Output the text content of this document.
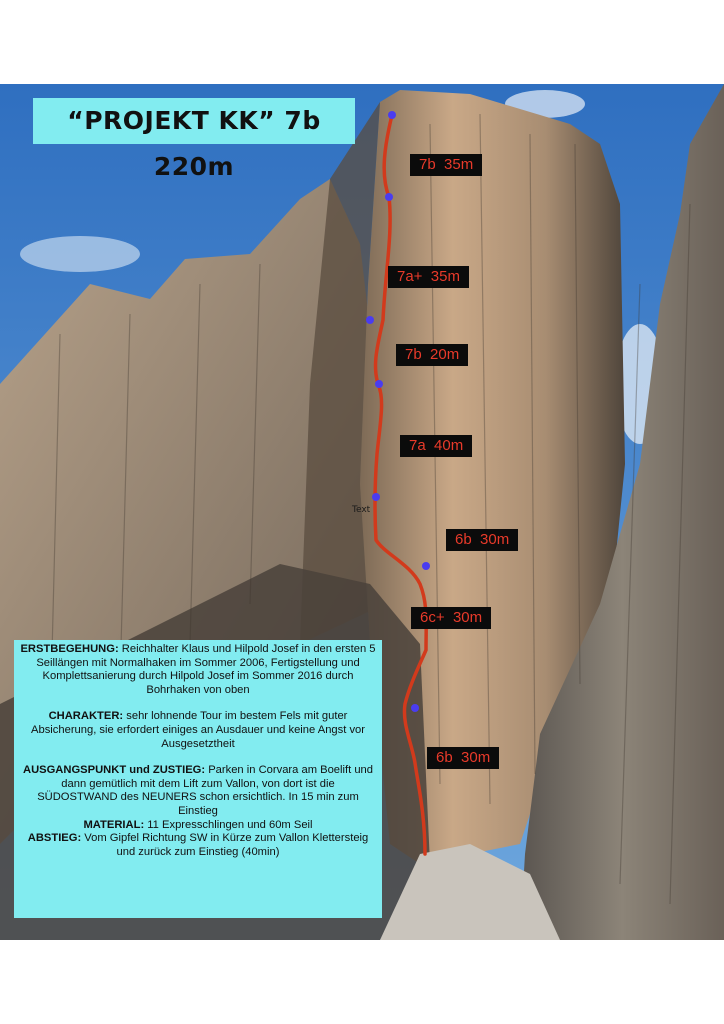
“PROJEKT KK” 7b 220m
Text
7b 35m
7a+ 35m
7b 20m
7a 40m
6b 30m
6c+ 30m
6b 30m

ERSTBEGEHUNG: Reichhalter Klaus und Hilpold Josef in den ersten 5 Seillängen mit Normalhaken im Sommer 2006, Fertigstellung und Komplettsanierung durch Hilpold Josef im Sommer 2016 durch Bohrhaken von oben

CHARAKTER: sehr lohnende Tour im bestem Fels mit guter Absicherung, sie erfordert einiges an Ausdauer und keine Angst vor Ausgesetztheit

AUSGANGSPUNKT und ZUSTIEG: Parken in Corvara am Boelift und dann gemütlich mit dem Lift zum Vallon, von dort ist die SÜDOSTWAND des NEUNERS schon ersichtlich. In 15 min zum Einstieg

MATERIAL: 11 Expresschlingen und 60m Seil

ABSTIEG: Vom Gipfel Richtung SW in Kürze zum Vallon Klettersteig und zurück zum Einstieg (40min)
